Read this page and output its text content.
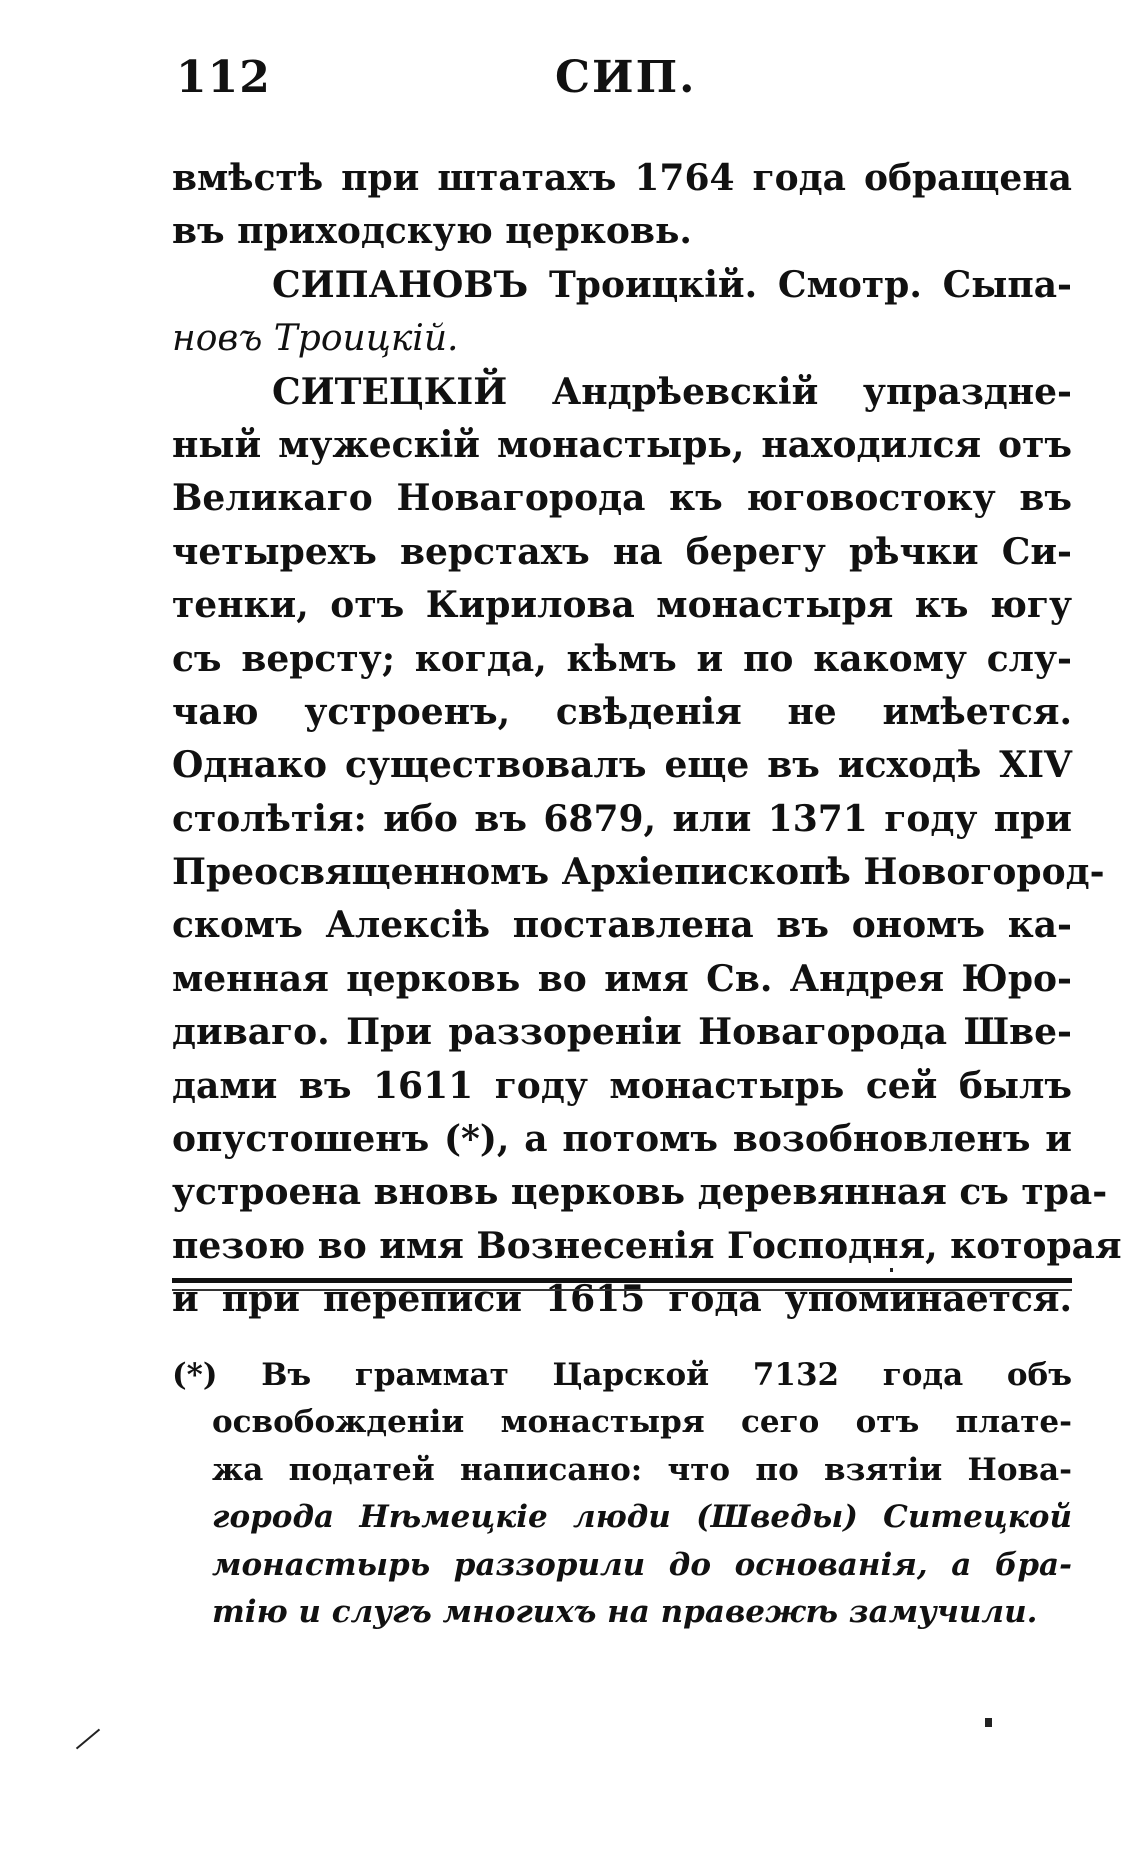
112	СИП.
вмѣстѣ при штатахъ 1764 года обращена
въ приходскую церковь.
СИПАНОВЪ Троицкiй. Смотр. Сыпа-
новъ Троицкiй.
СИТЕЦКIЙ Андрѣевскiй упраздне-
ный мужескiй монастырь, находился отъ
Великаго Новагорода къ юговостоку въ
четырехъ верстахъ на берегу рѣчки Си-
тенки, отъ Кирилова монастыря къ югу
съ версту; когда, кѣмъ и по какому слу-
чаю устроенъ, свѣденiя не имѣется.
Однако существовалъ еще въ исходѣ XIV
столѣтiя: ибо въ 6879, или 1371 году при
Преосвященномъ Архiепископѣ Новогород-
скомъ Алексiѣ поставлена въ ономъ ка-
менная церковь во имя Св. Андрея Юро-
диваго. При раззоренiи Новагорода Шве-
дами въ 1611 году монастырь сей былъ
опустошенъ (*), а потомъ возобновленъ и
устроена вновь церковь деревянная съ тра-
пезою во имя Вознесенiя Господня, которая
и при переписи 1615 года упоминается.
(*) Въ граммат Царской 7132 года объ
освобожденiи монастыря сего отъ плате-
жа податей написано: что по взятiи Нова-
города Нѣмецкiе люди (Шведы) Ситецкой
монастырь раззорили до основанiя, а бра-
тiю и слугъ многихъ на правежѣ замучили.
